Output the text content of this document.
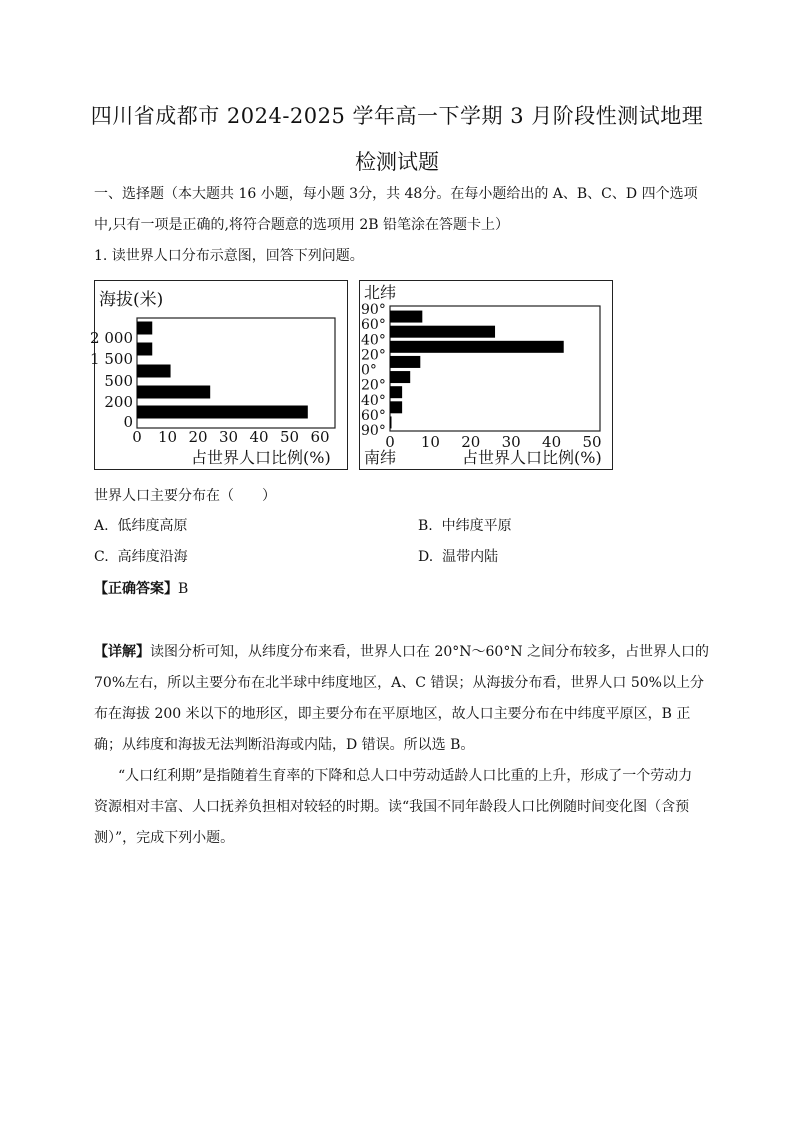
四川省成都市 2024-2025 学年高一下学期 3 月阶段性测试地理
检测试题
一、选择题（本大题共 16 小题，每小题 3分，共 48分。在每小题给出的 A、B、C、D 四个选项
中,只有一项是正确的,将符合题意的选项用 2B 铅笔涂在答题卡上）
1. 读世界人口分布示意图，回答下列问题。
海拔(米)
占世界人口比例(%)
0
200
500
1 500
2 000
0 10 20 30 40 50 60
北纬
南纬	占世界人口比例(%)
90°
60°
40°
20°
0°
20°
40°
60°
90°
0 10 20 30 40 50
世界人口主要分布在（　　）
A. 低纬度高原	B. 中纬度平原
C. 高纬度沿海	D. 温带内陆
【正确答案】B
【详解】读图分析可知，从纬度分布来看，世界人口在 20°N～60°N 之间分布较多，占世界人口的
70%左右，所以主要分布在北半球中纬度地区，A、C 错误；从海拔分布看，世界人口 50%以上分
布在海拔 200 米以下的地形区，即主要分布在平原地区，故人口主要分布在中纬度平原区，B 正
确；从纬度和海拔无法判断沿海或内陆，D 错误。所以选 B。
“人口红利期”是指随着生育率的下降和总人口中劳动适龄人口比重的上升，形成了一个劳动力
资源相对丰富、人口抚养负担相对较轻的时期。读“我国不同年龄段人口比例随时间变化图（含预
测）”，完成下列小题。
